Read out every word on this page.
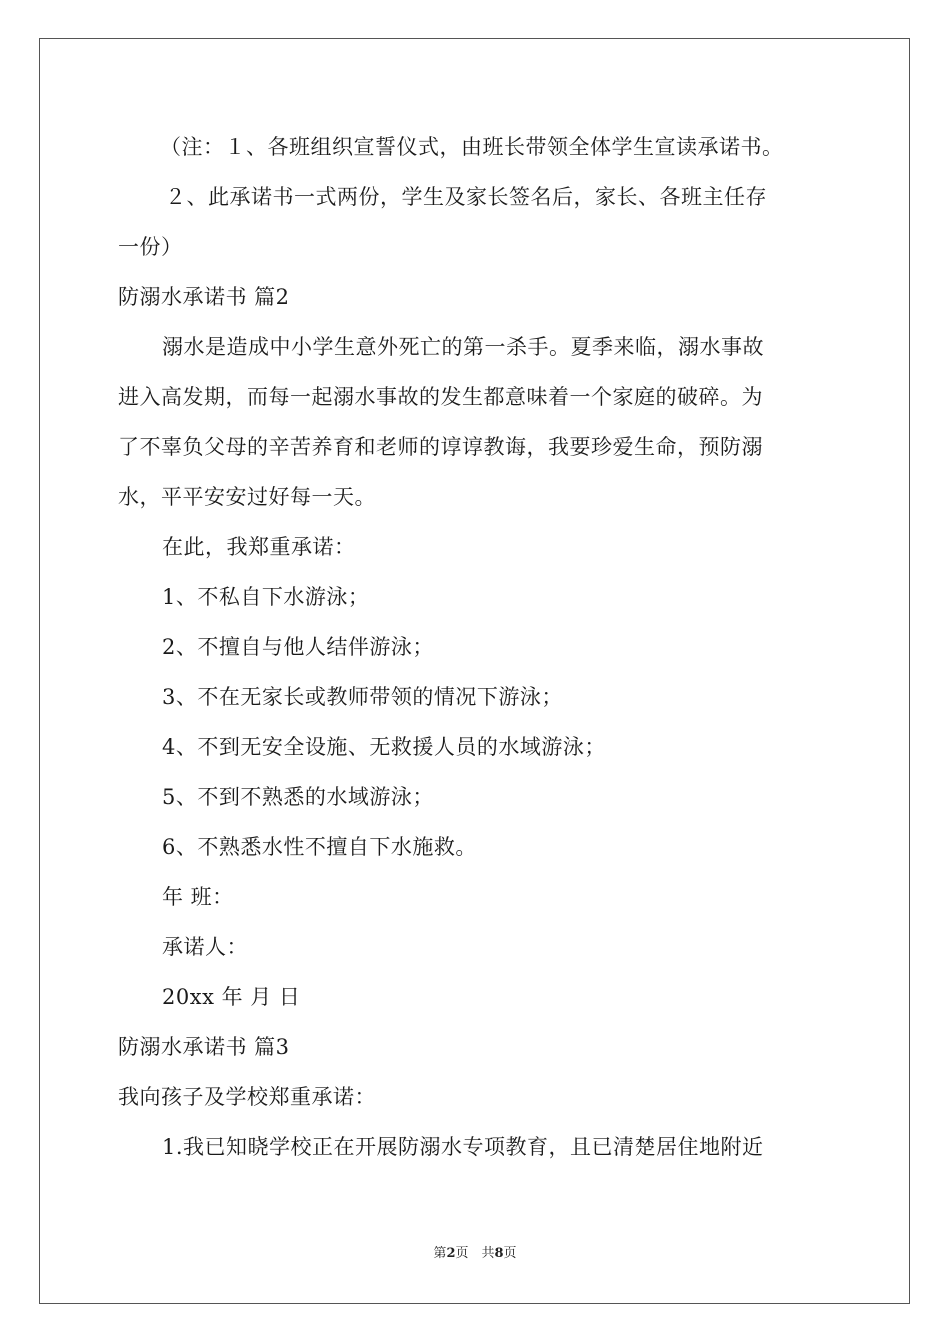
（注：１、各班组织宣誓仪式，由班长带领全体学生宣读承诺书。
２、此承诺书一式两份，学生及家长签名后，家长、各班主任存
一份）
防溺水承诺书 篇2
溺水是造成中小学生意外死亡的第一杀手。夏季来临，溺水事故
进入高发期，而每一起溺水事故的发生都意味着一个家庭的破碎。为
了不辜负父母的辛苦养育和老师的谆谆教诲，我要珍爱生命，预防溺
水，平平安安过好每一天。
在此，我郑重承诺：
1、不私自下水游泳；
2、不擅自与他人结伴游泳；
3、不在无家长或教师带领的情况下游泳；
4、不到无安全设施、无救援人员的水域游泳；
5、不到不熟悉的水域游泳；
6、不熟悉水性不擅自下水施救。
年 班：
承诺人：
20xx 年 月 日
防溺水承诺书 篇3
我向孩子及学校郑重承诺：
1.我已知晓学校正在开展防溺水专项教育，且已清楚居住地附近
第2页　共8页
